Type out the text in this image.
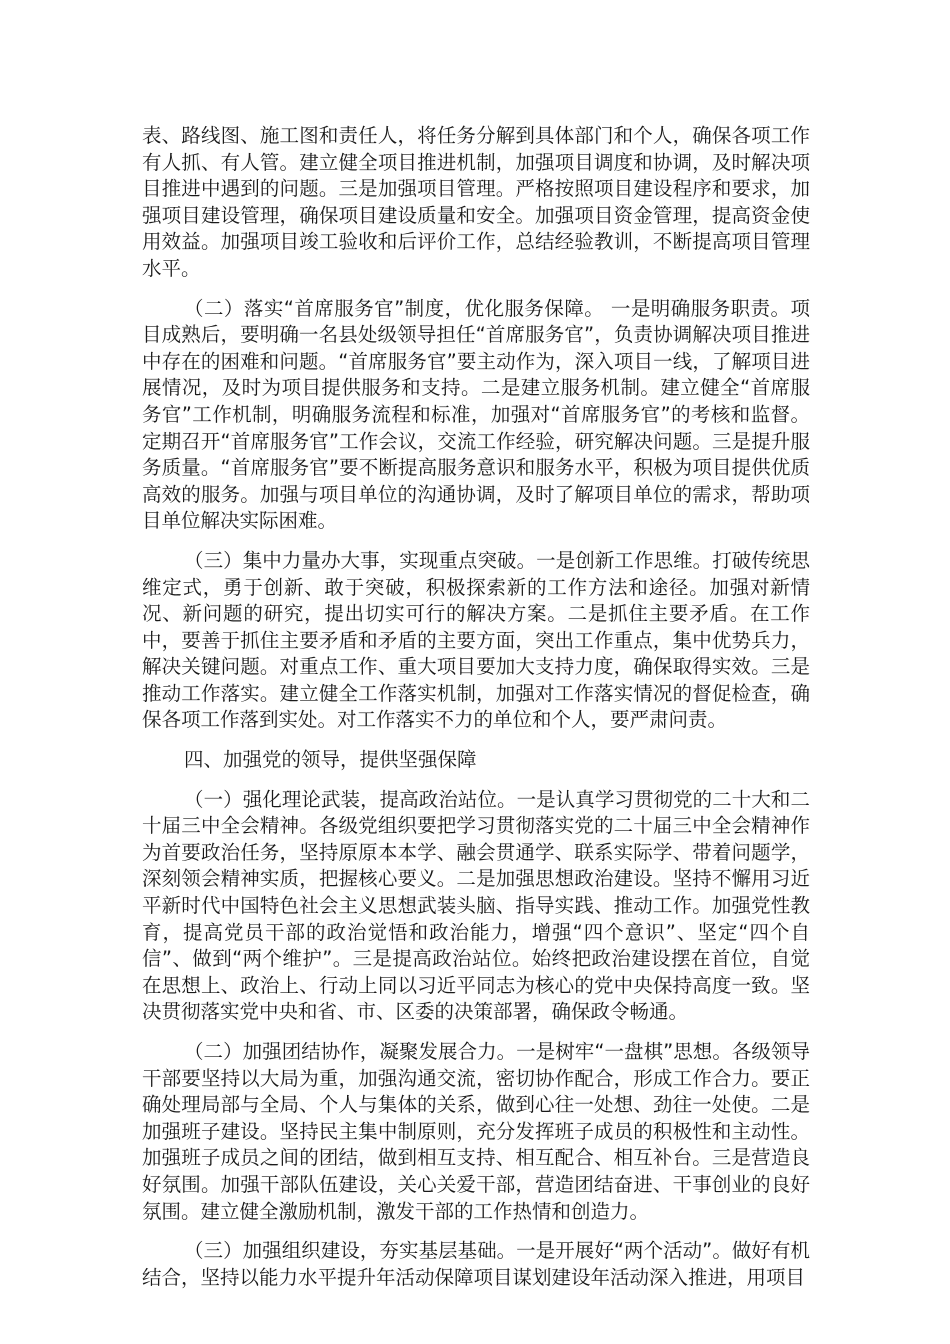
表、路线图、施工图和责任人，将任务分解到具体部门和个人，确保各项工作有人抓、有人管。建立健全项目推进机制，加强项目调度和协调，及时解决项目推进中遇到的问题。三是加强项目管理。严格按照项目建设程序和要求，加强项目建设管理，确保项目建设质量和安全。加强项目资金管理，提高资金使用效益。加强项目竣工验收和后评价工作，总结经验教训，不断提高项目管理水平。

（二）落实“首席服务官”制度，优化服务保障。 一是明确服务职责。项目成熟后，要明确一名县处级领导担任“首席服务官”，负责协调解决项目推进中存在的困难和问题。“首席服务官”要主动作为，深入项目一线，了解项目进展情况，及时为项目提供服务和支持。二是建立服务机制。建立健全“首席服务官”工作机制，明确服务流程和标准，加强对“首席服务官”的考核和监督。定期召开“首席服务官”工作会议，交流工作经验，研究解决问题。三是提升服务质量。“首席服务官”要不断提高服务意识和服务水平，积极为项目提供优质高效的服务。加强与项目单位的沟通协调，及时了解项目单位的需求，帮助项目单位解决实际困难。

（三）集中力量办大事，实现重点突破。一是创新工作思维。打破传统思维定式，勇于创新、敢于突破，积极探索新的工作方法和途径。加强对新情况、新问题的研究，提出切实可行的解决方案。二是抓住主要矛盾。在工作中，要善于抓住主要矛盾和矛盾的主要方面，突出工作重点，集中优势兵力，解决关键问题。对重点工作、重大项目要加大支持力度，确保取得实效。三是推动工作落实。建立健全工作落实机制，加强对工作落实情况的督促检查，确保各项工作落到实处。对工作落实不力的单位和个人，要严肃问责。

四、加强党的领导，提供坚强保障

（一）强化理论武装，提高政治站位。一是认真学习贯彻党的二十大和二十届三中全会精神。各级党组织要把学习贯彻落实党的二十届三中全会精神作为首要政治任务，坚持原原本本学、融会贯通学、联系实际学、带着问题学，深刻领会精神实质，把握核心要义。二是加强思想政治建设。坚持不懈用习近平新时代中国特色社会主义思想武装头脑、指导实践、推动工作。加强党性教育，提高党员干部的政治觉悟和政治能力，增强“四个意识”、坚定“四个自信”、做到“两个维护”。三是提高政治站位。始终把政治建设摆在首位，自觉在思想上、政治上、行动上同以习近平同志为核心的党中央保持高度一致。坚决贯彻落实党中央和省、市、区委的决策部署，确保政令畅通。

（二）加强团结协作，凝聚发展合力。一是树牢“一盘棋”思想。各级领导干部要坚持以大局为重，加强沟通交流，密切协作配合，形成工作合力。要正确处理局部与全局、个人与集体的关系，做到心往一处想、劲往一处使。二是加强班子建设。坚持民主集中制原则，充分发挥班子成员的积极性和主动性。加强班子成员之间的团结，做到相互支持、相互配合、相互补台。三是营造良好氛围。加强干部队伍建设，关心关爱干部，营造团结奋进、干事创业的良好氛围。建立健全激励机制，激发干部的工作热情和创造力。

（三）加强组织建设，夯实基层基础。一是开展好“两个活动”。做好有机结合，坚持以能力水平提升年活动保障项目谋划建设年活动深入推进，用项目
